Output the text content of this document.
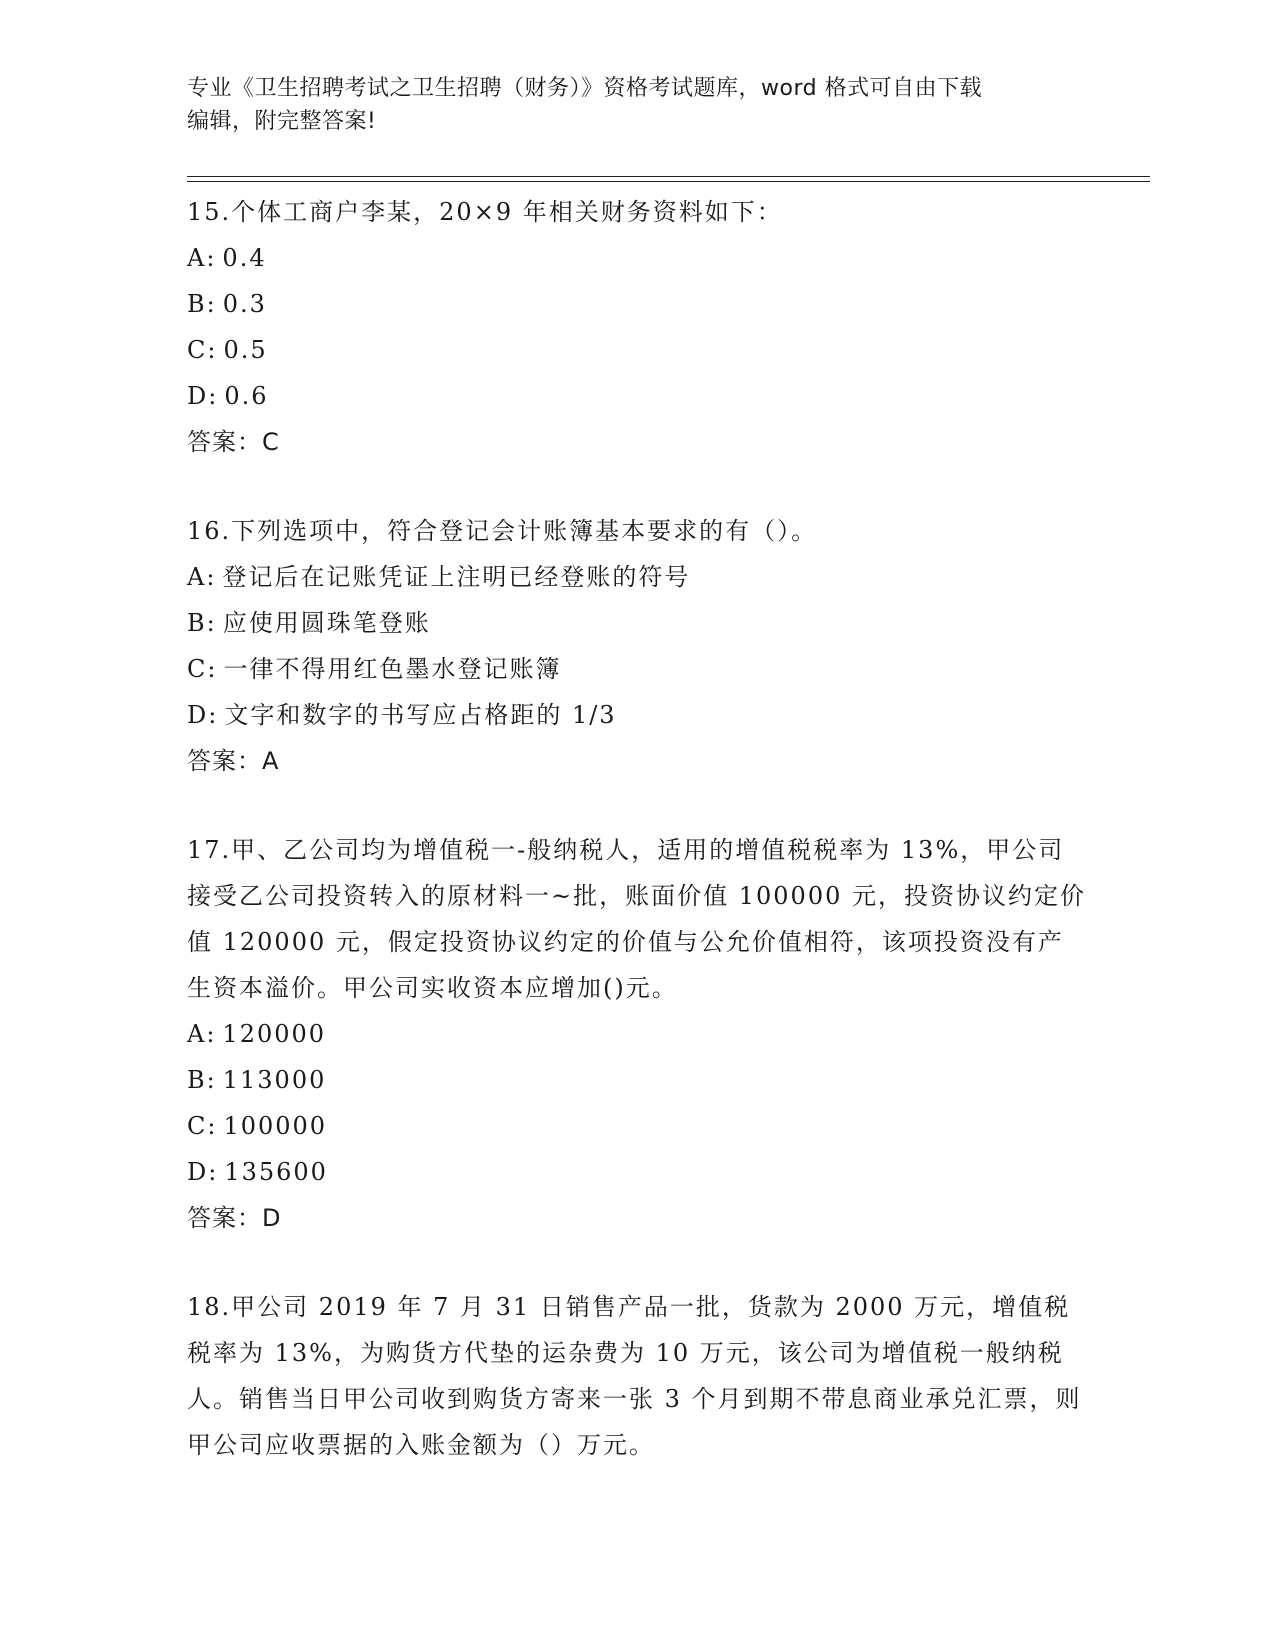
专业《卫生招聘考试之卫生招聘（财务）》资格考试题库，word 格式可自由下载
编辑，附完整答案!
15.个体工商户李某，20×9 年相关财务资料如下：
A: 0.4
B: 0.3
C: 0.5
D: 0.6
答案：C
16.下列选项中，符合登记会计账簿基本要求的有（）。
A: 登记后在记账凭证上注明已经登账的符号
B: 应使用圆珠笔登账
C: 一律不得用红色墨水登记账簿
D: 文字和数字的书写应占格距的 1/3
答案：A
17.甲、乙公司均为增值税一-般纳税人，适用的增值税税率为 13%，甲公司接受乙公司投资转入的原材料一~批，账面价值 100000 元，投资协议约定价值 120000 元，假定投资协议约定的价值与公允价值相符，该项投资没有产生资本溢价。甲公司实收资本应增加()元。
A: 120000
B: 113000
C: 100000
D: 135600
答案：D
18.甲公司 2019 年 7 月 31 日销售产品一批，货款为 2000 万元，增值税税率为 13%，为购货方代垫的运杂费为 10 万元，该公司为增值税一般纳税人。销售当日甲公司收到购货方寄来一张 3 个月到期不带息商业承兑汇票，则甲公司应收票据的入账金额为（）万元。
